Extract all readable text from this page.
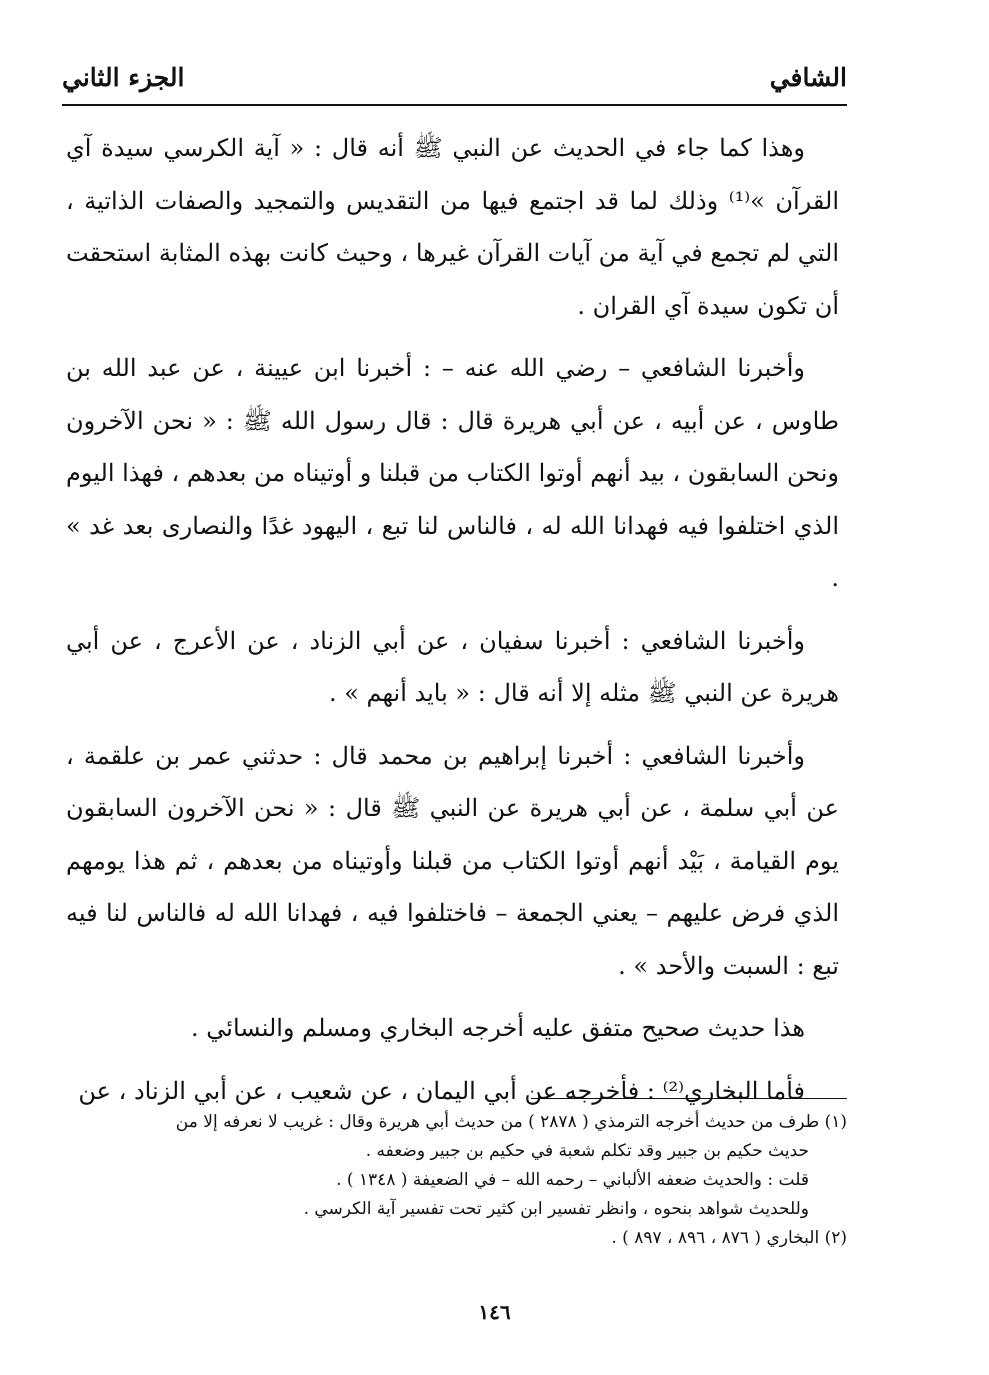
الشافي
الجزء الثاني

وهذا كما جاء في الحديث عن النبي ﷺ أنه قال : « آية الكرسي سيدة آي القرآن »⁽¹⁾ وذلك لما قد اجتمع فيها من التقديس والتمجيد والصفات الذاتية ، التي لم تجمع في آية من آيات القرآن غيرها ، وحيث كانت بهذه المثابة استحقت أن تكون سيدة آي القران .

وأخبرنا الشافعي – رضي الله عنه – : أخبرنا ابن عيينة ، عن عبد الله بن طاوس ، عن أبيه ، عن أبي هريرة قال : قال رسول الله ﷺ : « نحن الآخرون ونحن السابقون ، بيد أنهم أوتوا الكتاب من قبلنا و أوتيناه من بعدهم ، فهذا اليوم الذي اختلفوا فيه فهدانا الله له ، فالناس لنا تبع ، اليهود غدًا والنصارى بعد غد » .

وأخبرنا الشافعي : أخبرنا سفيان ، عن أبي الزناد ، عن الأعرج ، عن أبي هريرة عن النبي ﷺ مثله إلا أنه قال : « بايد أنهم » .

وأخبرنا الشافعي : أخبرنا إبراهيم بن محمد قال : حدثني عمر بن علقمة ، عن أبي سلمة ، عن أبي هريرة عن النبي ﷺ قال : « نحن الآخرون السابقون يوم القيامة ، بَيْد أنهم أوتوا الكتاب من قبلنا وأوتيناه من بعدهم ، ثم هذا يومهم الذي فرض عليهم – يعني الجمعة – فاختلفوا فيه ، فهدانا الله له فالناس لنا فيه تبع : السبت والأحد » .

هذا حديث صحيح متفق عليه أخرجه البخاري ومسلم والنسائي .

فأما البخاري⁽²⁾ : فأخرجه عن أبي اليمان ، عن شعيب ، عن أبي الزناد ، عن

(١) طرف من حديث أخرجه الترمذي ( ٢٨٧٨ ) من حديث أبي هريرة وقال : غريب لا نعرفه إلا من

حديث حكيم بن جبير وقد تكلم شعبة في حكيم بن جبير وضعفه .

قلت : والحديث ضعفه الألباني – رحمه الله – في الضعيفة ( ١٣٤٨ ) .

وللحديث شواهد بنحوه ، وانظر تفسير ابن كثير تحت تفسير آية الكرسي .

(٢) البخاري ( ٨٧٦ ، ٨٩٦ ، ٨٩٧ ) .

١٤٦
